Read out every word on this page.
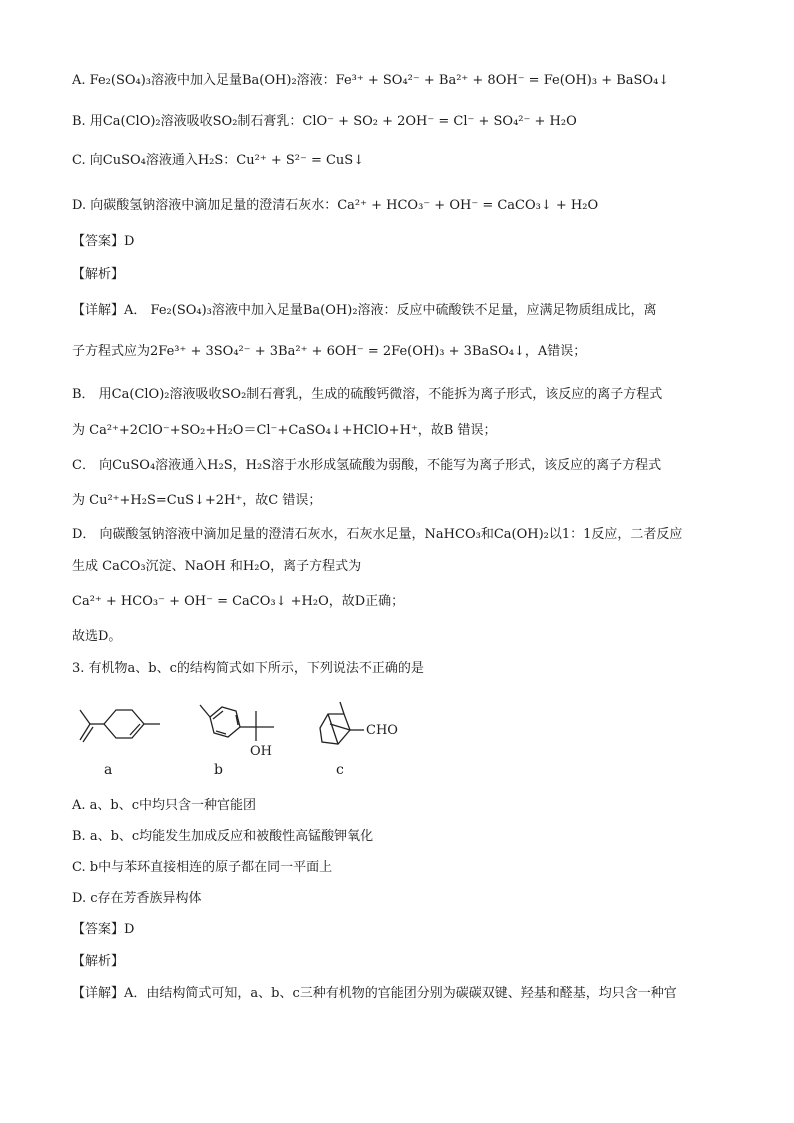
A. Fe₂(SO₄)₃溶液中加入足量Ba(OH)₂溶液：Fe³⁺ + SO₄²⁻ + Ba²⁺ + 8OH⁻ = Fe(OH)₃ + BaSO₄↓
B. 用Ca(ClO)₂溶液吸收SO₂制石膏乳：ClO⁻ + SO₂ + 2OH⁻ = Cl⁻ + SO₄²⁻ + H₂O
C. 向CuSO₄溶液通入H₂S：Cu²⁺ + S²⁻ = CuS↓
D. 向碳酸氢钠溶液中滴加足量的澄清石灰水：Ca²⁺ + HCO₃⁻ + OH⁻ = CaCO₃↓ + H₂O
【答案】D
【解析】
【详解】A． Fe₂(SO₄)₃溶液中加入足量Ba(OH)₂溶液：反应中硫酸铁不足量，应满足物质组成比，离
子方程式应为2Fe³⁺ + 3SO₄²⁻ + 3Ba²⁺ + 6OH⁻ = 2Fe(OH)₃ + 3BaSO₄↓，A错误；
B． 用Ca(ClO)₂溶液吸收SO₂制石膏乳，生成的硫酸钙微溶，不能拆为离子形式，该反应的离子方程式
为 Ca²⁺+2ClO⁻+SO₂+H₂O＝Cl⁻+CaSO₄↓+HClO+H⁺，故B 错误；
C． 向CuSO₄溶液通入H₂S，H₂S溶于水形成氢硫酸为弱酸，不能写为离子形式，该反应的离子方程式
为 Cu²⁺+H₂S=CuS↓+2H⁺，故C 错误；
D． 向碳酸氢钠溶液中滴加足量的澄清石灰水，石灰水足量，NaHCO₃和Ca(OH)₂以1：1反应，二者反应
生成 CaCO₃沉淀、NaOH 和H₂O，离子方程式为
Ca²⁺ + HCO₃⁻ + OH⁻ = CaCO₃↓ +H₂O，故D正确；
故选D。
3. 有机物a、b、c的结构简式如下所示，下列说法不正确的是
a
OH
b
CHO
c
A. a、b、c中均只含一种官能团
B. a、b、c均能发生加成反应和被酸性高锰酸钾氧化
C. b中与苯环直接相连的原子都在同一平面上
D. c存在芳香族异构体
【答案】D
【解析】
【详解】A．由结构简式可知，a、b、c三种有机物的官能团分别为碳碳双键、羟基和醛基，均只含一种官
